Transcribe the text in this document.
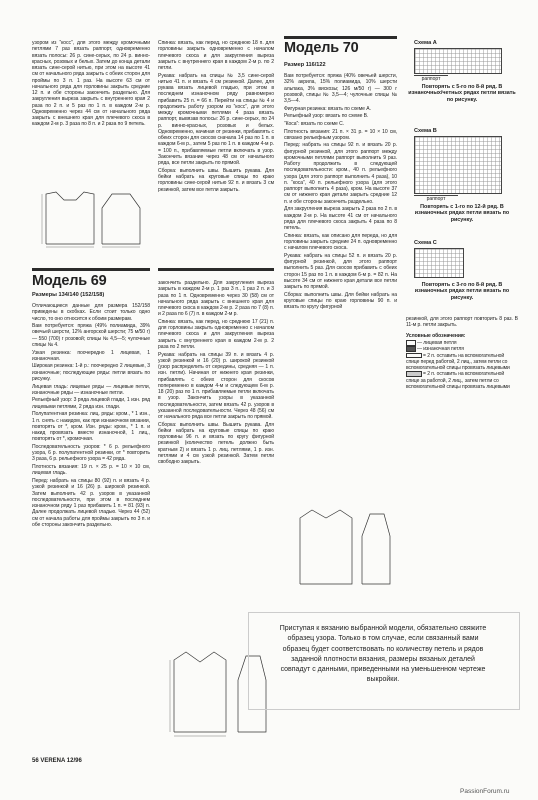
узором из “косс”, для этого между кромочными петлями 7 раз вязать раппорт, одновременно вязать полосы: 26 р. сине-серых, по 24 р. винно-красных, розовых и белых. Затем до конца детали вязать сине-серой нитью, при этом на высоте 41 см от начального ряда закрыть с обеих сторон для проймы по 3 п. 1 раз. На высоте 63 см от начального ряда для горловины закрыть средние 12 п. и обе стороны закончить раздельно. Для закругления выреза закрыть с внутреннего края 2 раза по 2 п. и 5 раз по 1 п. в каждом 2-м р. Одновременно через 44 см от начального ряда закрыть с внешнего края для плечевого скоса в каждом 2-м р. 3 раза по 8 п. и 2 раза по 9 петель.

Модель 69
Размеры 134/140 (152/158)

Отличающиеся данные для размера 152/158 приведены в скобках. Если стоит только одно число, то оно относится к обоим размерам.

Вам потребуется: пряжа (49% полиамида, 39% овечьей шерсти, 12% ангорской шерсти; 75 м/50 г) — 550 (700) г розовой; спицы № 4,5—5; чулочные спицы № 4.

Узкая резинка: поочередно 1 лицевая, 1 изнаночная.

Широкая резинка: 1-й р.: поочередно 2 лицевые, 3 изнаночные; последующие ряды: петли вязать по рисунку.

Лицевая гладь: лицевые ряды — лицевые петли, изнаночные ряды — изнаночные петли.

Рельефный узор: 3 ряда лицевой глади, 1 изн. ряд лицевыми петлями, 2 ряда изн. глади.

Полупатентная резинка: лиц. ряды: кром., * 1 изн., 1 п. снять с накидом, как при изнаночном вязании, повторять от *, кром. Изн. ряды: кром., * 1 п. и накид провязать вместе изнаночной, 1 лиц., повторять от *, кромочная.

Последовательность узоров: * 6 р. рельефного узора, 6 р. полупатентной резинки, от * повторить 3 раза, 6 р. рельефного узора = 42 ряда.

Плотность вязания: 19 п. × 25 р. = 10 × 10 см, лицевая гладь.

Перед: набрать на спицы 80 (92) п. и вязать 4 р. узкой резинкой и 16 (26) р. широкой резинкой. Затем выполнить 42 р. узоров в указанной последовательности, при этом в последнем изнаночном ряду 1 раз прибавить 1 п. = 81 (93) п. Далее продолжать лицевой гладью. Через 44 (52) см от начала работы для проймы закрыть по 3 п. и обе стороны закончить раздельно.

Спинка: вязать, как перед, но среднюю 18 п. для горловины закрыть одновременно с началом плечевого скоса и для закругления выреза закрыть с внутреннего края в каждом 2-м р. по 2 петли.

Рукава: набрать на спицы № 3,5 сине-серой нитью 41 п. и вязать 4 см резинкой. Далее, для рукава вязать лицевой гладью, при этом в последнем изнаночном ряду равномерно прибавить 25 п. = 66 п. Перейти на спицы № 4 и продолжить работу узором из “косс”, для этого между кромочными петлями 4 раза вязать раппорт, вывязав полосы: 26 р. сине-серых, по 24 р. винно-красных, розовых и белых. Одновременно, начиная от резинки, прибавлять с обеих сторон для скосов сначала 14 раз по 1 п. в каждом 6-м р., затем 5 раз по 1 п. в каждом 4-м р. = 100 п., прибавляемые петли включать в узор. Закончить вязание через 48 см от начального ряда, все петли закрыть по прямой.

Сборка: выполнить швы. Вышить рукава. Для бейки набрать на круговые спицы по краю горловины сине-серой нитью 92 п. и вязать 3 см резинкой, затем все петли закрыть.

закончить раздельно. Для закругления выреза закрыть в каждом 2-м р. 1 раз 3 п., 1 раз 2 п. и 3 раза по 1 п. Одновременно через 30 (58) см от начального ряда закрыть с внешнего края для плечевого скоса в каждом 2-м р. 2 раза по 7 (8) п. и 2 раза по 6 (7) п. в каждом 2-м р.

Спинка: вязать, как перед, но среднюю 17 (21) п. для горловины закрыть одновременно с началом плечевого скоса и для закругления выреза закрыть с внутреннего края в каждом 2-м р. 2 раза по 2 петли.

Рукава: набрать на спицы 39 п. и вязать 4 р. узкой резинкой и 16 (20) р. широкой резинкой (узор распределить от середины, средняя — 1 п. изн. петли). Начиная от нижнего края резинки, прибавлять с обеих сторон для скосов попеременно в каждом 4-м и следующем 6-м р. 18 (20) раз по 1 п. прибавляемые петли включать в узор. Закончить узоры в указанной последовательности, затем вязать 42 р. узоров в указанной последовательности. Через 48 (56) см от начального ряда все петли закрыть по прямой.

Сборка: выполнить швы. Вышить рукава. Для бейки набрать на круговые спицы по краю горловины 96 п. и вязать по кругу фигурной резинкой (количество петель должно быть кратным 2) и вязать 1 р. лиц. петлями, 1 р. изн. петлями и 4 см узкой резинкой. Затем петли свободно закрыть.

Модель 70
Размер 116/122

Вам потребуется: пряжа (40% овечьей шерсти, 32% акрила, 15% полиамида, 10% шерсти альпака, 3% вискозы; 126 м/50 г) — 300 г розовой, спицы № 3,5—4; чулочные спицы № 3,5—4.

Фигурная резинка: вязать по схеме А.

Рельефный узор: вязать по схеме В.

“Коса”: вязать по схеме С.

Плотность вязания: 21 п. × 31 р. = 10 × 10 см, связано рельефным узором.

Перед: набрать на спицы 92 п. и вязать 20 р. фигурной резинкой, для этого раппорт между кромочными петлями раппорт выполнить 9 раз. Работу продолжить в следующей последовательности: кром., 40 п. рельефного узора (для этого раппорт выполнить 4 раза), 10 п. “коса”, 40 п. рельефного узора (для этого раппорт выполнить 4 раза), кром. На высоте 37 см от нижнего края детали закрыть средние 12 п. и обе стороны закончить раздельно.

Для закругления выреза закрыть 2 раза по 2 п. в каждом 2-м р. На высоте 41 см от начального ряда для плечевого скоса закрыть 4 раза по 8 петель.

Спинка: вязать, как описано для переда, но для горловины закрыть средние 24 п. одновременно с началом плечевого скоса.

Рукава: набрать на спицы 52 п. и вязать 20 р. фигурной резинкой, для этого раппорт выполнить 5 раз. Для скосов прибавить с обеих сторон 15 раз по 1 п. в каждом 6-м р. = 82 п. На высоте 34 см от нижнего края детали все петли закрыть по прямой.

Сборка: выполнить швы. Для бейки набрать на круговые спицы по краю горловины 90 п. и вязать по кругу фигурной

Схема А
раппорт
Повторять с 5-го по 8-й ряд. В изнаночных/четных рядах петли вязать по рисунку.
Схема В
раппорт
Повторять с 1-го по 12-й ряд. В изнаночных рядах петли вязать по рисунку.
Схема С
Повторять с 3-го по 8-й ряд. В изнаночных рядах петли вязать по рисунку.

резинкой, для этого раппорт повторить 8 раз. В 11-м р. петли закрыть.

Условные обозначения:

— лицевая петля
— изнаночная петля
= 2 п. оставить на вспомогательной спице перед работой, 2 лиц., затем петли со вспомогательной спицы провязать лицевыми
= 2 п. оставить на вспомогательной спице за работой, 2 лиц., затем петли со вспомогательной спицы провязать лицевыми
Приступая к вязанию выбранной модели, обязательно свяжите образец узора. Только в том случае, если связанный вами образец будет соответствовать по количеству петель и рядов заданной плотности вязания, размеры вязаных деталей совпадут с данными, приведенными на уменьшенном чертеже выкройки.
56 VERENA 12/96
PassionForum.ru
